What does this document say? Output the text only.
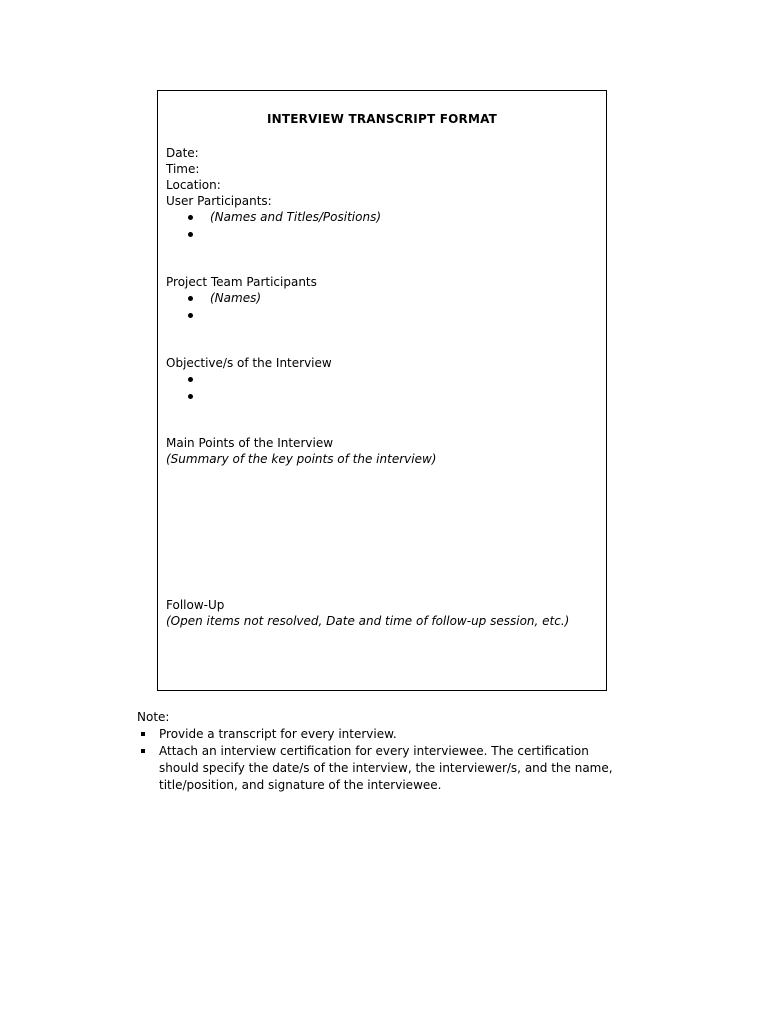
INTERVIEW TRANSCRIPT FORMAT
Date:
Time:
Location:
User Participants:
(Names and Titles/Positions)
Project Team Participants
(Names)
Objective/s of the Interview
Main Points of the Interview
(Summary of the key points of the interview)
Follow-Up
(Open items not resolved, Date and time of follow-up session, etc.)
Note:
Provide a transcript for every interview.
Attach an interview certification for every interviewee. The certification should specify the date/s of the interview, the interviewer/s, and the name, title/position, and signature of the interviewee.
